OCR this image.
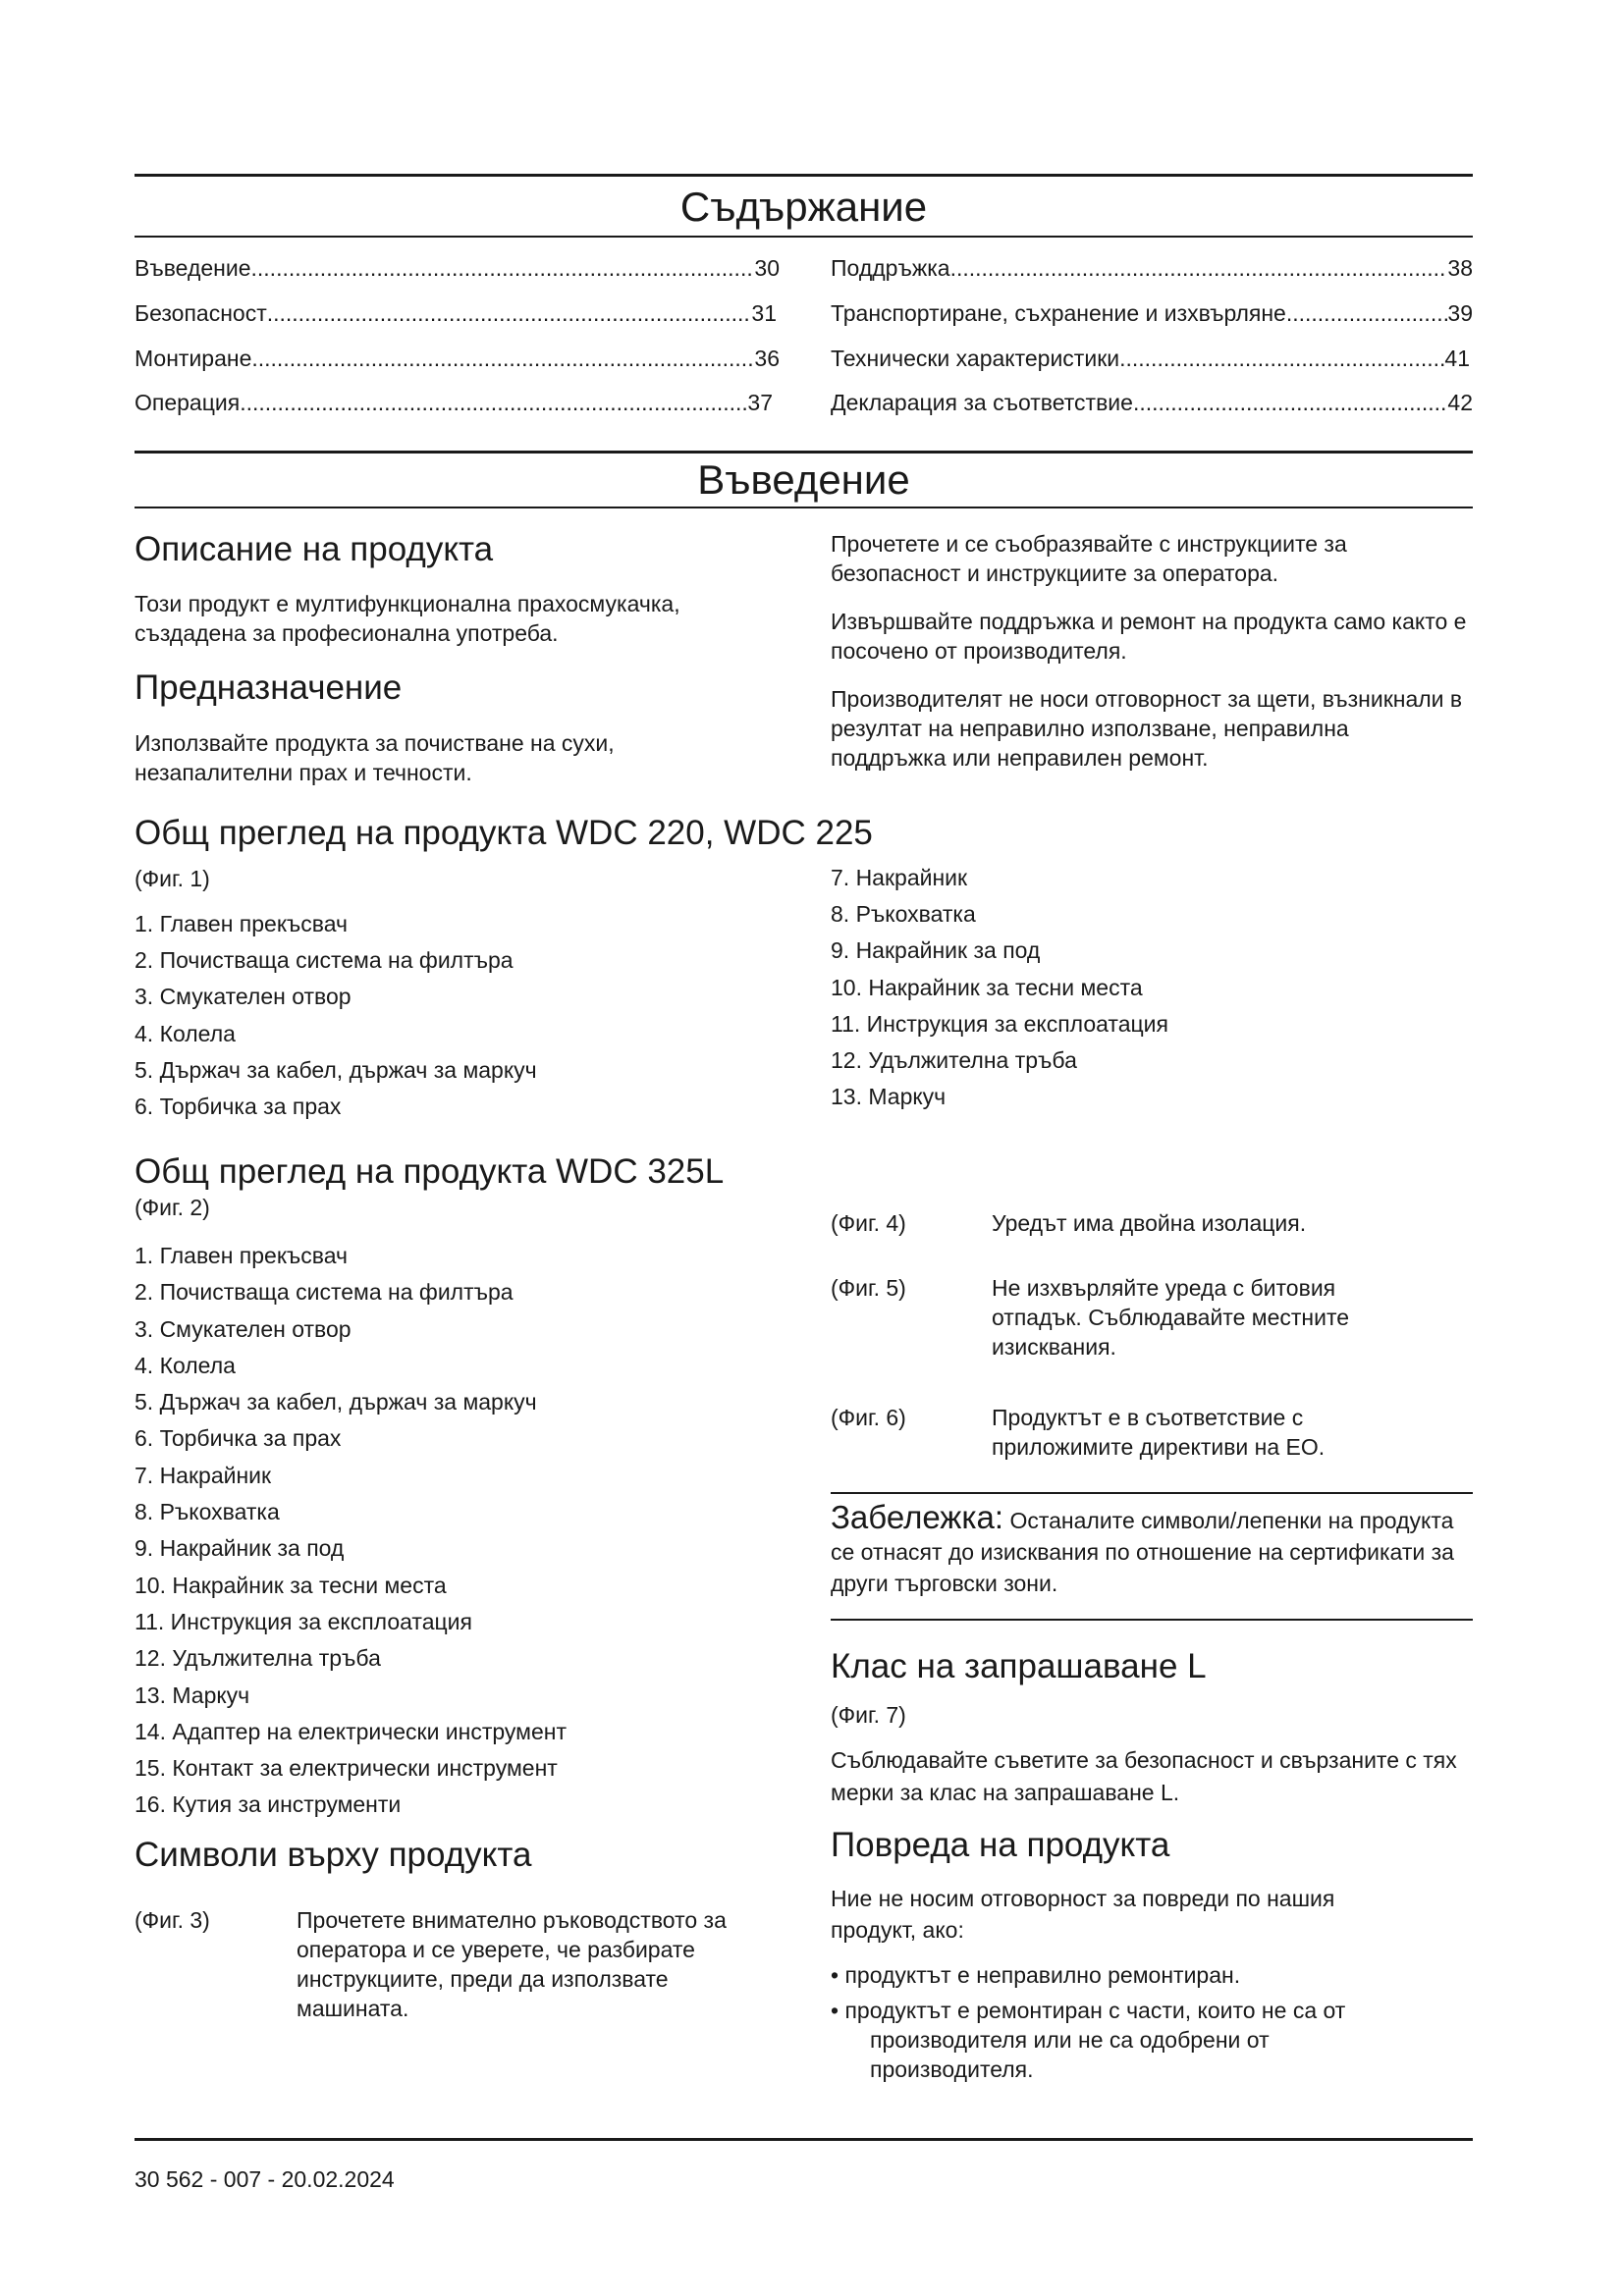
Съдържание
Въведение .....	30
Безопасност .....	31
Монтиране .....	36
Операция .....	37
Поддръжка .....	38
Транспортиране, съхранение и изхвърляне .....	39
Технически характеристики .....	41
Декларация за съответствие .....	42
Въведение
Описание на продукта

Този продукт е мултифункционална прахосмукачка, създадена за професионална употреба.

Предназначение

Използвайте продукта за почистване на сухи, незапалителни прах и течности.

Прочетете и се съобразявайте с инструкциите за безопасност и инструкциите за оператора.

Извършвайте поддръжка и ремонт на продукта само както е посочено от производителя.

Производителят не носи отговорност за щети, възникнали в резултат на неправилно използване, неправилна поддръжка или неправилен ремонт.

Общ преглед на продукта WDC 220, WDC 225
(Фиг. 1)
1. Главен прекъсвач
2. Почистваща система на филтъра
3. Смукателен отвор
4. Колела
5. Държач за кабел, държач за маркуч
6. Торбичка за прах
7. Накрайник
8. Ръкохватка
9. Накрайник за под
10. Накрайник за тесни места
11. Инструкция за експлоатация
12. Удължителна тръба
13. Маркуч
Общ преглед на продукта WDC 325L
(Фиг. 2)
1. Главен прекъсвач
2. Почистваща система на филтъра
3. Смукателен отвор
4. Колела
5. Държач за кабел, държач за маркуч
6. Торбичка за прах
7. Накрайник
8. Ръкохватка
9. Накрайник за под
10. Накрайник за тесни места
11. Инструкция за експлоатация
12. Удължителна тръба
13. Маркуч
14. Адаптер на електрически инструмент
15. Контакт за електрически инструмент
16. Кутия за инструменти
Символи върху продукта
(Фиг. 3)	Прочетете внимателно ръководството за оператора и се уверете, че разбирате инструкциите, преди да използвате машината.
(Фиг. 4)	Уредът има двойна изолация.
(Фиг. 5)	Не изхвърляйте уреда с битовия отпадък. Съблюдавайте местните изисквания.
(Фиг. 6)	Продуктът е в съответствие с приложимите директиви на ЕО.
Забележка: Останалите символи/лепенки на продукта се отнасят до изисквания по отношение на сертификати за други търговски зони.
Клас на запрашаване L
(Фиг. 7)

Съблюдавайте съветите за безопасност и свързаните с тях мерки за клас на запрашаване L.

Повреда на продукта

Ние не носим отговорност за повреди по нашия продукт, ако:

• продуктът е неправилно ремонтиран.
• продуктът е ремонтиран с части, които не са от производителя или не са одобрени от производителя.
30 562 - 007 - 20.02.2024
